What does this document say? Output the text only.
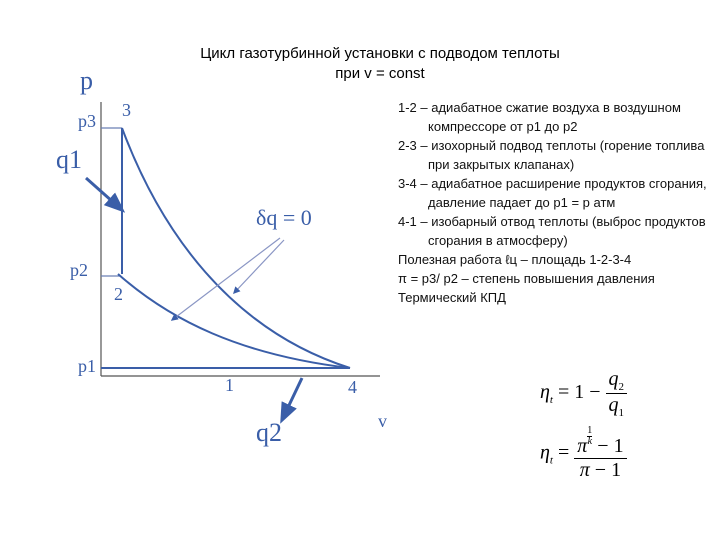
Цикл газотурбинной установки с подводом теплоты
при v = const
p
p3
p2
p1
3
2
1	4
q1
q2
δq = 0
v

1-2 – адиабатное сжатие воздуха в воздушном компрессоре от р1 до р2

2-3 – изохорный подвод теплоты (горение топлива при закрытых клапанах)

3-4 – адиабатное расширение продуктов сгорания, давление падает до р1 = р атм

4-1 – изобарный отвод теплоты (выброс продуктов сгорания в атмосферу)

Полезная работа ℓц – площадь 1-2-3-4

π = р3/ р2 – степень повышения давления

Термический КПД

$\eta_t = 1 - \frac{q_2}{q_1}$
$\eta_t = \pi$ $^{\frac{1}{k}}$ − 1
π − 1
